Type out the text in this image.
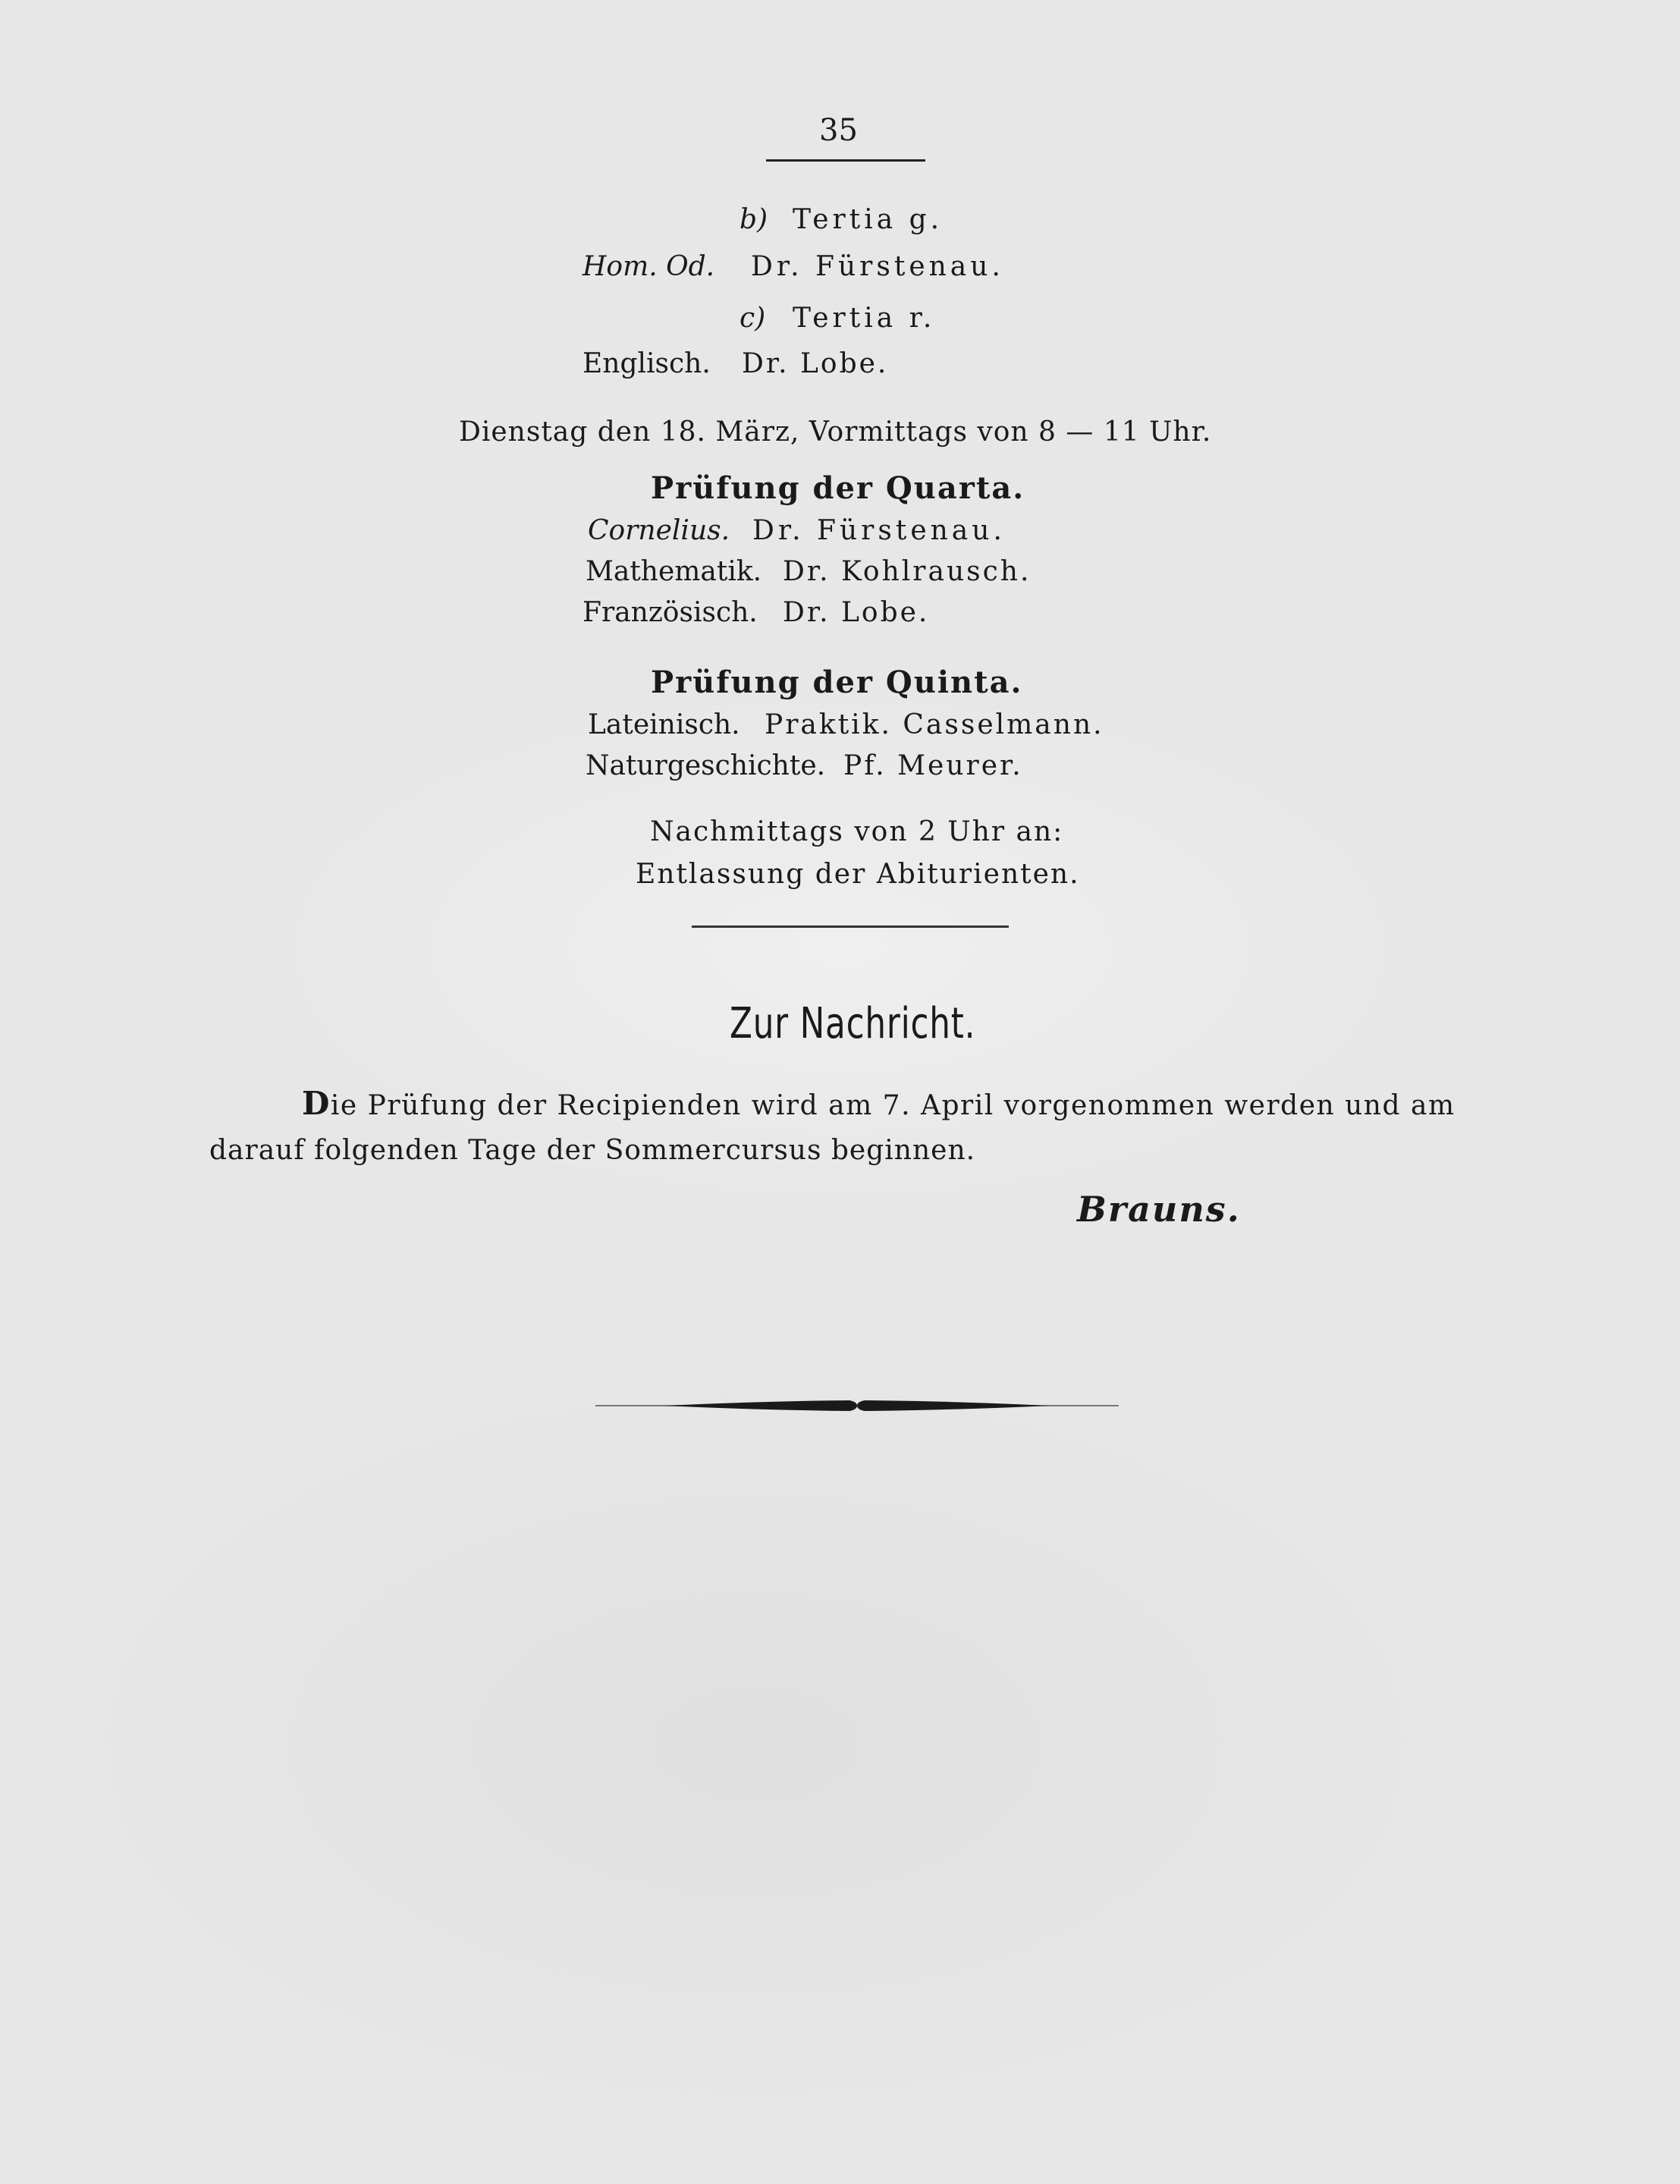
35
b) Tertia g.
Hom. Od. Dr. Fürstenau.
c) Tertia r.
Englisch. Dr. Lobe.
Dienstag den 18. März, Vormittags von 8 — 11 Uhr.
Prüfung der Quarta.
Cornelius. Dr. Fürstenau.
Mathematik. Dr. Kohlrausch.
Französisch. Dr. Lobe.
Prüfung der Quinta.
Lateinisch. Praktik. Casselmann.
Naturgeschichte. Pf. Meurer.
Nachmittags von 2 Uhr an:
Entlassung der Abiturienten.
Zur Nachricht.
Die Prüfung der Recipienden wird am 7. April vorgenommen werden und am
darauf folgenden Tage der Sommercursus beginnen.
Brauns.
